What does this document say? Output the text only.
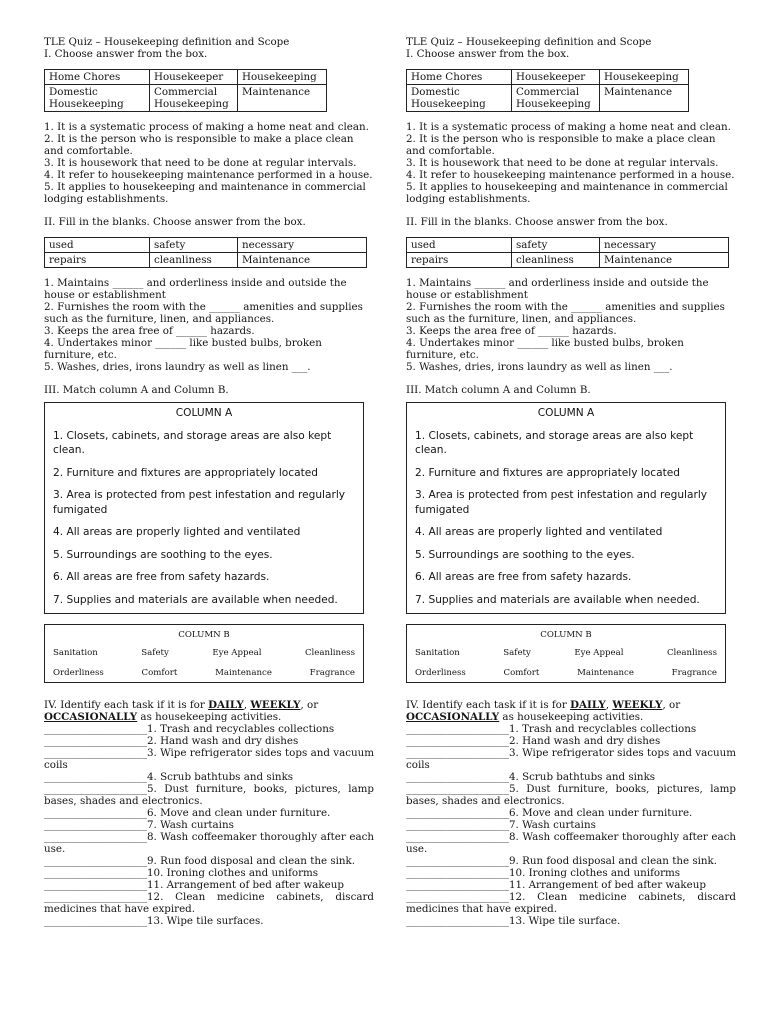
TLE Quiz – Housekeeping definition and Scope
I. Choose answer from the box.
Home Chores	Housekeeper	Housekeeping
Domestic Housekeeping	Commercial Housekeeping	Maintenance

1. It is a systematic process of making a home neat and clean.

2. It is the person who is responsible to make a place clean and comfortable.

3. It is housework that need to be done at regular intervals.

4. It refer to housekeeping maintenance performed in a house.

5. It applies to housekeeping and maintenance in commercial lodging establishments.

II. Fill in the blanks. Choose answer from the box.
used	safety	necessary
repairs	cleanliness	Maintenance

1. Maintains ______ and orderliness inside and outside the house or establishment

2. Furnishes the room with the ______ amenities and supplies such as the furniture, linen, and appliances.

3. Keeps the area free of ______ hazards.

4. Undertakes minor ______ like busted bulbs, broken furniture, etc.

5. Washes, dries, irons laundry as well as linen ___.

III. Match column A and Column B.
COLUMN A
1. Closets, cabinets, and storage areas are also kept clean.
2. Furniture and fixtures are appropriately located
3. Area is protected from pest infestation and regularly fumigated
4. All areas are properly lighted and ventilated
5. Surroundings are soothing to the eyes.
6. All areas are free from safety hazards.
7. Supplies and materials are available when needed.
COLUMN B
Sanitation	Safety	Eye Appeal	Cleanliness
Orderliness	Comfort	Maintenance	Fragrance

IV. Identify each task if it is for DAILY, WEEKLY, or OCCASIONALLY as housekeeping activities.

____________________1. Trash and recyclables collections

____________________2. Hand wash and dry dishes

____________________3. Wipe refrigerator sides tops and vacuum coils

____________________4. Scrub bathtubs and sinks

____________________5. Dust furniture, books, pictures, lamp bases, shades and electronics.

____________________6. Move and clean under furniture.

____________________7. Wash curtains

____________________8. Wash coffeemaker thoroughly after each use.

____________________9. Run food disposal and clean the sink.

____________________10. Ironing clothes and uniforms

____________________11. Arrangement of bed after wakeup

____________________12. Clean medicine cabinets, discard medicines that have expired.

____________________13. Wipe tile surfaces.

TLE Quiz – Housekeeping definition and Scope
I. Choose answer from the box.
Home Chores	Housekeeper	Housekeeping
Domestic Housekeeping	Commercial Housekeeping	Maintenance

1. It is a systematic process of making a home neat and clean.

2. It is the person who is responsible to make a place clean and comfortable.

3. It is housework that need to be done at regular intervals.

4. It refer to housekeeping maintenance performed in a house.

5. It applies to housekeeping and maintenance in commercial lodging establishments.

II. Fill in the blanks. Choose answer from the box.
used	safety	necessary
repairs	cleanliness	Maintenance

1. Maintains ______ and orderliness inside and outside the house or establishment

2. Furnishes the room with the ______ amenities and supplies such as the furniture, linen, and appliances.

3. Keeps the area free of ______ hazards.

4. Undertakes minor ______ like busted bulbs, broken furniture, etc.

5. Washes, dries, irons laundry as well as linen ___.

III. Match column A and Column B.
COLUMN A
1. Closets, cabinets, and storage areas are also kept clean.
2. Furniture and fixtures are appropriately located
3. Area is protected from pest infestation and regularly fumigated
4. All areas are properly lighted and ventilated
5. Surroundings are soothing to the eyes.
6. All areas are free from safety hazards.
7. Supplies and materials are available when needed.
COLUMN B
Sanitation	Safety	Eye Appeal	Cleanliness
Orderliness	Comfort	Maintenance	Fragrance

IV. Identify each task if it is for DAILY, WEEKLY, or OCCASIONALLY as housekeeping activities.

____________________1. Trash and recyclables collections

____________________2. Hand wash and dry dishes

____________________3. Wipe refrigerator sides tops and vacuum coils

____________________4. Scrub bathtubs and sinks

____________________5. Dust furniture, books, pictures, lamp bases, shades and electronics.

____________________6. Move and clean under furniture.

____________________7. Wash curtains

____________________8. Wash coffeemaker thoroughly after each use.

____________________9. Run food disposal and clean the sink.

____________________10. Ironing clothes and uniforms

____________________11. Arrangement of bed after wakeup

____________________12. Clean medicine cabinets, discard medicines that have expired.

____________________13. Wipe tile surface.
